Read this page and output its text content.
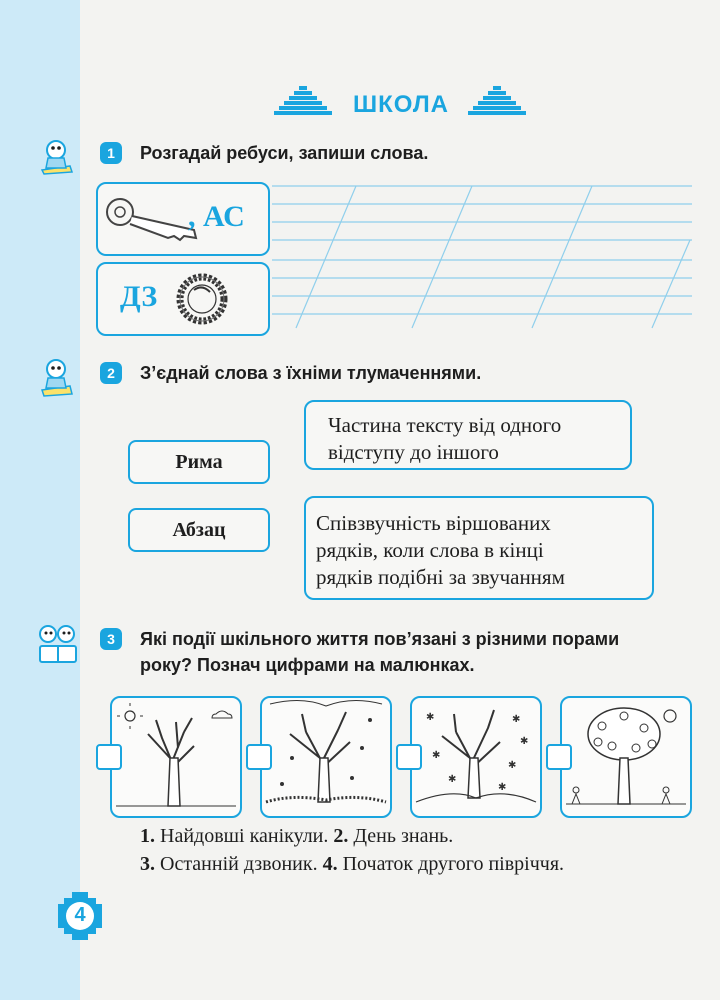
ШКОЛА
1	Розгадай ребуси, запиши слова.
, АС
ДЗ
2	З’єднай слова з їхніми тлумаченнями.
Рима
Абзац
Частина тексту від одного
відступу до іншого
Співзвучність віршованих
рядків, коли слова в кінці
рядків подібні за звучанням
3	Які події шкільного життя пов’язані з різними порами
року? Познач цифрами на малюнках.
✱	✱
✱
✱
✱
✱
✱
1. Найдовші канікули. 2. День знань.
3. Останній дзвоник. 4. Початок другого півріччя.
4
